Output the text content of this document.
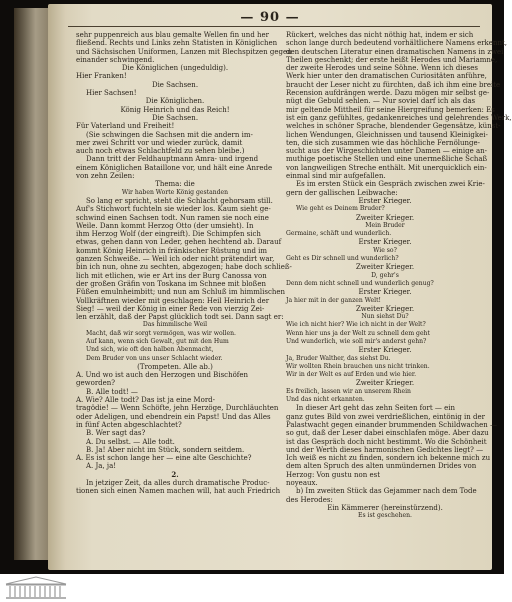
— 90 —
sehr puppenreich aus blau gemalte Wellen fin und her
fließend. Rechts und Links zehn Statisten in Königlichen
und Sächsischen Uniformen, Lanzen mit Blechspitzen gegen
einander schwingend.
Die Königlichen (ungeduldig).
Hier Franken!
Die Sachsen.
Hier Sachsen!
Die Königlichen.
König Heinrich und das Reich!
Die Sachsen.
Für Vaterland und Freiheit!
(Sie schwingen die Sachsen mit die andern im-
mer zwei Schritt vor und wieder zurück, damit
auch noch etwas Schlachtfeld zu sehen bleibe.)
Dann tritt der Feldhauptmann Amra- und irgend
einem Königlichen Bataillone vor, und hält eine Anrede
von zehn Zeilen:
Thema: die
Wir haben Worte König gestanden
So lang er spricht, steht die Schlacht gehorsam still.
Auf's Stichwort fuchteln sie wieder los. Kaum sieht ge-
schwind einen Sachsen todt. Nun ramen sie noch eine
Weile. Dann kommt Herzog Otto (der umsieht). In
ihm Herzog Wolf (der eingreift). Die Schimpfen sich
etwas, gehen dann von Leder, gehen hechtend ab. Darauf
kommt König Heinrich in fränkischer Rüstung und im
ganzen Schweiße. — Weil ich oder nicht prätendirt war,
bin ich nun, ohne zu sechten, abgezogen; habe doch schließ-
lich mit etlichen, wie er Art ins der Burg Canossa von
der großen Gräfin von Toskana im Schnee mit bloßen
Füßen emulnheimbitt; und nun am Schluß im himmlischen
Vollkräftnen wieder mit geschlagen: Heil Heinrich der
Sieg! — weil der König in einer Rede von vierzig Zei-
len erzählt, daß der Papst glücklich todt sei. Dann sagt er:
Das himmlische Weil
Macht, daß wir sorgt vermögen, was wir wollen.
Auf kann, wenn sich Gewalt, gut mit den Hum
Und sich, wie oft den halben Abenmacht,
Dem Bruder von uns unser Schlacht wieder.
(Trompeten. Alle ab.)
A. Und wo ist auch den Herzogen und Bischöfen
geworden?
B. Alle todt! —
A. Wie? Alle todt? Das ist ja eine Mord-
tragödie! — Wenn Schöfte, jehn Herzöge, Durchläuchten
oder Adeligen, und ebendrein ein Papst! Und das Alles
in fünf Acten abgeschlachtet?
B. Wer sagt das?
A. Du selbst. — Alle todt.
B. Ja! Aber nicht im Stück, sondern seitdem.
A. Es ist schon lange her — eine alte Geschichte?
A. Ja, ja!
2.
In jetziger Zeit, da alles durch dramatische Produc-
tionen sich einen Namen machen will, hat auch Friedrich
Rückert, welches das nicht nöthig hat, indem er sich
schon lange durch bedeutend vorhältlichere Namens erkennt,
den deutschen Literatur einen dramatischen Namens in zwei
Theilen geschenkt; der erste heißt Herodes und Mariamne,
der zweite Herodes und seine Söhne. Wenn ich dieses
Werk hier unter den dramatischen Curiositäten anführe,
braucht der Leser nicht zu fürchten, daß ich ihm eine breite
Recension aufdrängen werde. Dazu mögen mir selbst ge-
nügt die Gebuld sehlen. — Nur soviel darf ich als das
mir geltende Mittheil für seine Hiergreifung bemerken: Es
ist ein ganz gefühltes, gedankenreiches und gelehrendes Werk,
welches in schöner Sprache, blendender Gegensätze, künst-
lichen Wendungen, Gleichnissen und tausend Kleinigkei-
ten, die sich zusammen wie das höchliche Fernölunge-
sucht aus der Wirgeschichten unter Damen — einige an-
muthige poetische Stellen und eine unermeßliche Schaß
von langweiligen Streche enthält. Mit unerquicklich ein-
einmal sind mir aufgefallen.
Es im ersten Stück ein Gespräch zwischen zwei Krie-
gern der gallischen Leibwache:
Erster Krieger.
Wie geht es Deinem Bruder?
Zweiter Krieger.
Mein Bruder
Germaine, schäft und wunderlich.
Erster Krieger.
Wie so?
Geht es Dir schnell und wunderlich?
Zweiter Krieger.
D, gehr's
Denn dem nicht schnell und wunderlich genug?
Erster Krieger.
Ja hier mit in der ganzen Welt!
Zweiter Krieger.
Nun siehst Du?
Wie ich nicht hier? Wie ich nicht in der Welt?
Wenn hier uns ja der Welt zu schnell dem geht
Und wunderlich, wie soll mir's anderst gehn?
Erster Krieger.
Ja, Bruder Walther, das siehst Du.
Wir wollten Rhein brauchen uns nicht trinken.
Wir in der Welt es auf Erden und wie hier.
Zweiter Krieger.
Es freilich, lassen wir an unserem Rhein
Und das nicht erkannten.
In dieser Art geht das zehn Seiten fort — ein
ganz gutes Bild von zwei verdrießlichen, eintönig in der
Palastwacht gegen einander brummenden Schildwachen —
so gut, daß der Leser dabei einschlafen möge. Aber dazu
ist das Gespräch doch nicht bestimmt. Wo die Schönheit
und der Werth dieses harmonischen Gedichtes liegt? —
Ich weiß es nicht zu finden, sondern ich bekenne mich zu
dem alten Spruch des alten unmündernen Drides von
Herzog: Von gustu non est
noyeaux.
b) Im zweiten Stück das Gejammer nach dem Tode
des Herodes:
Ein Kämmerer (hereinstürzend).
Es ist geschehen.
